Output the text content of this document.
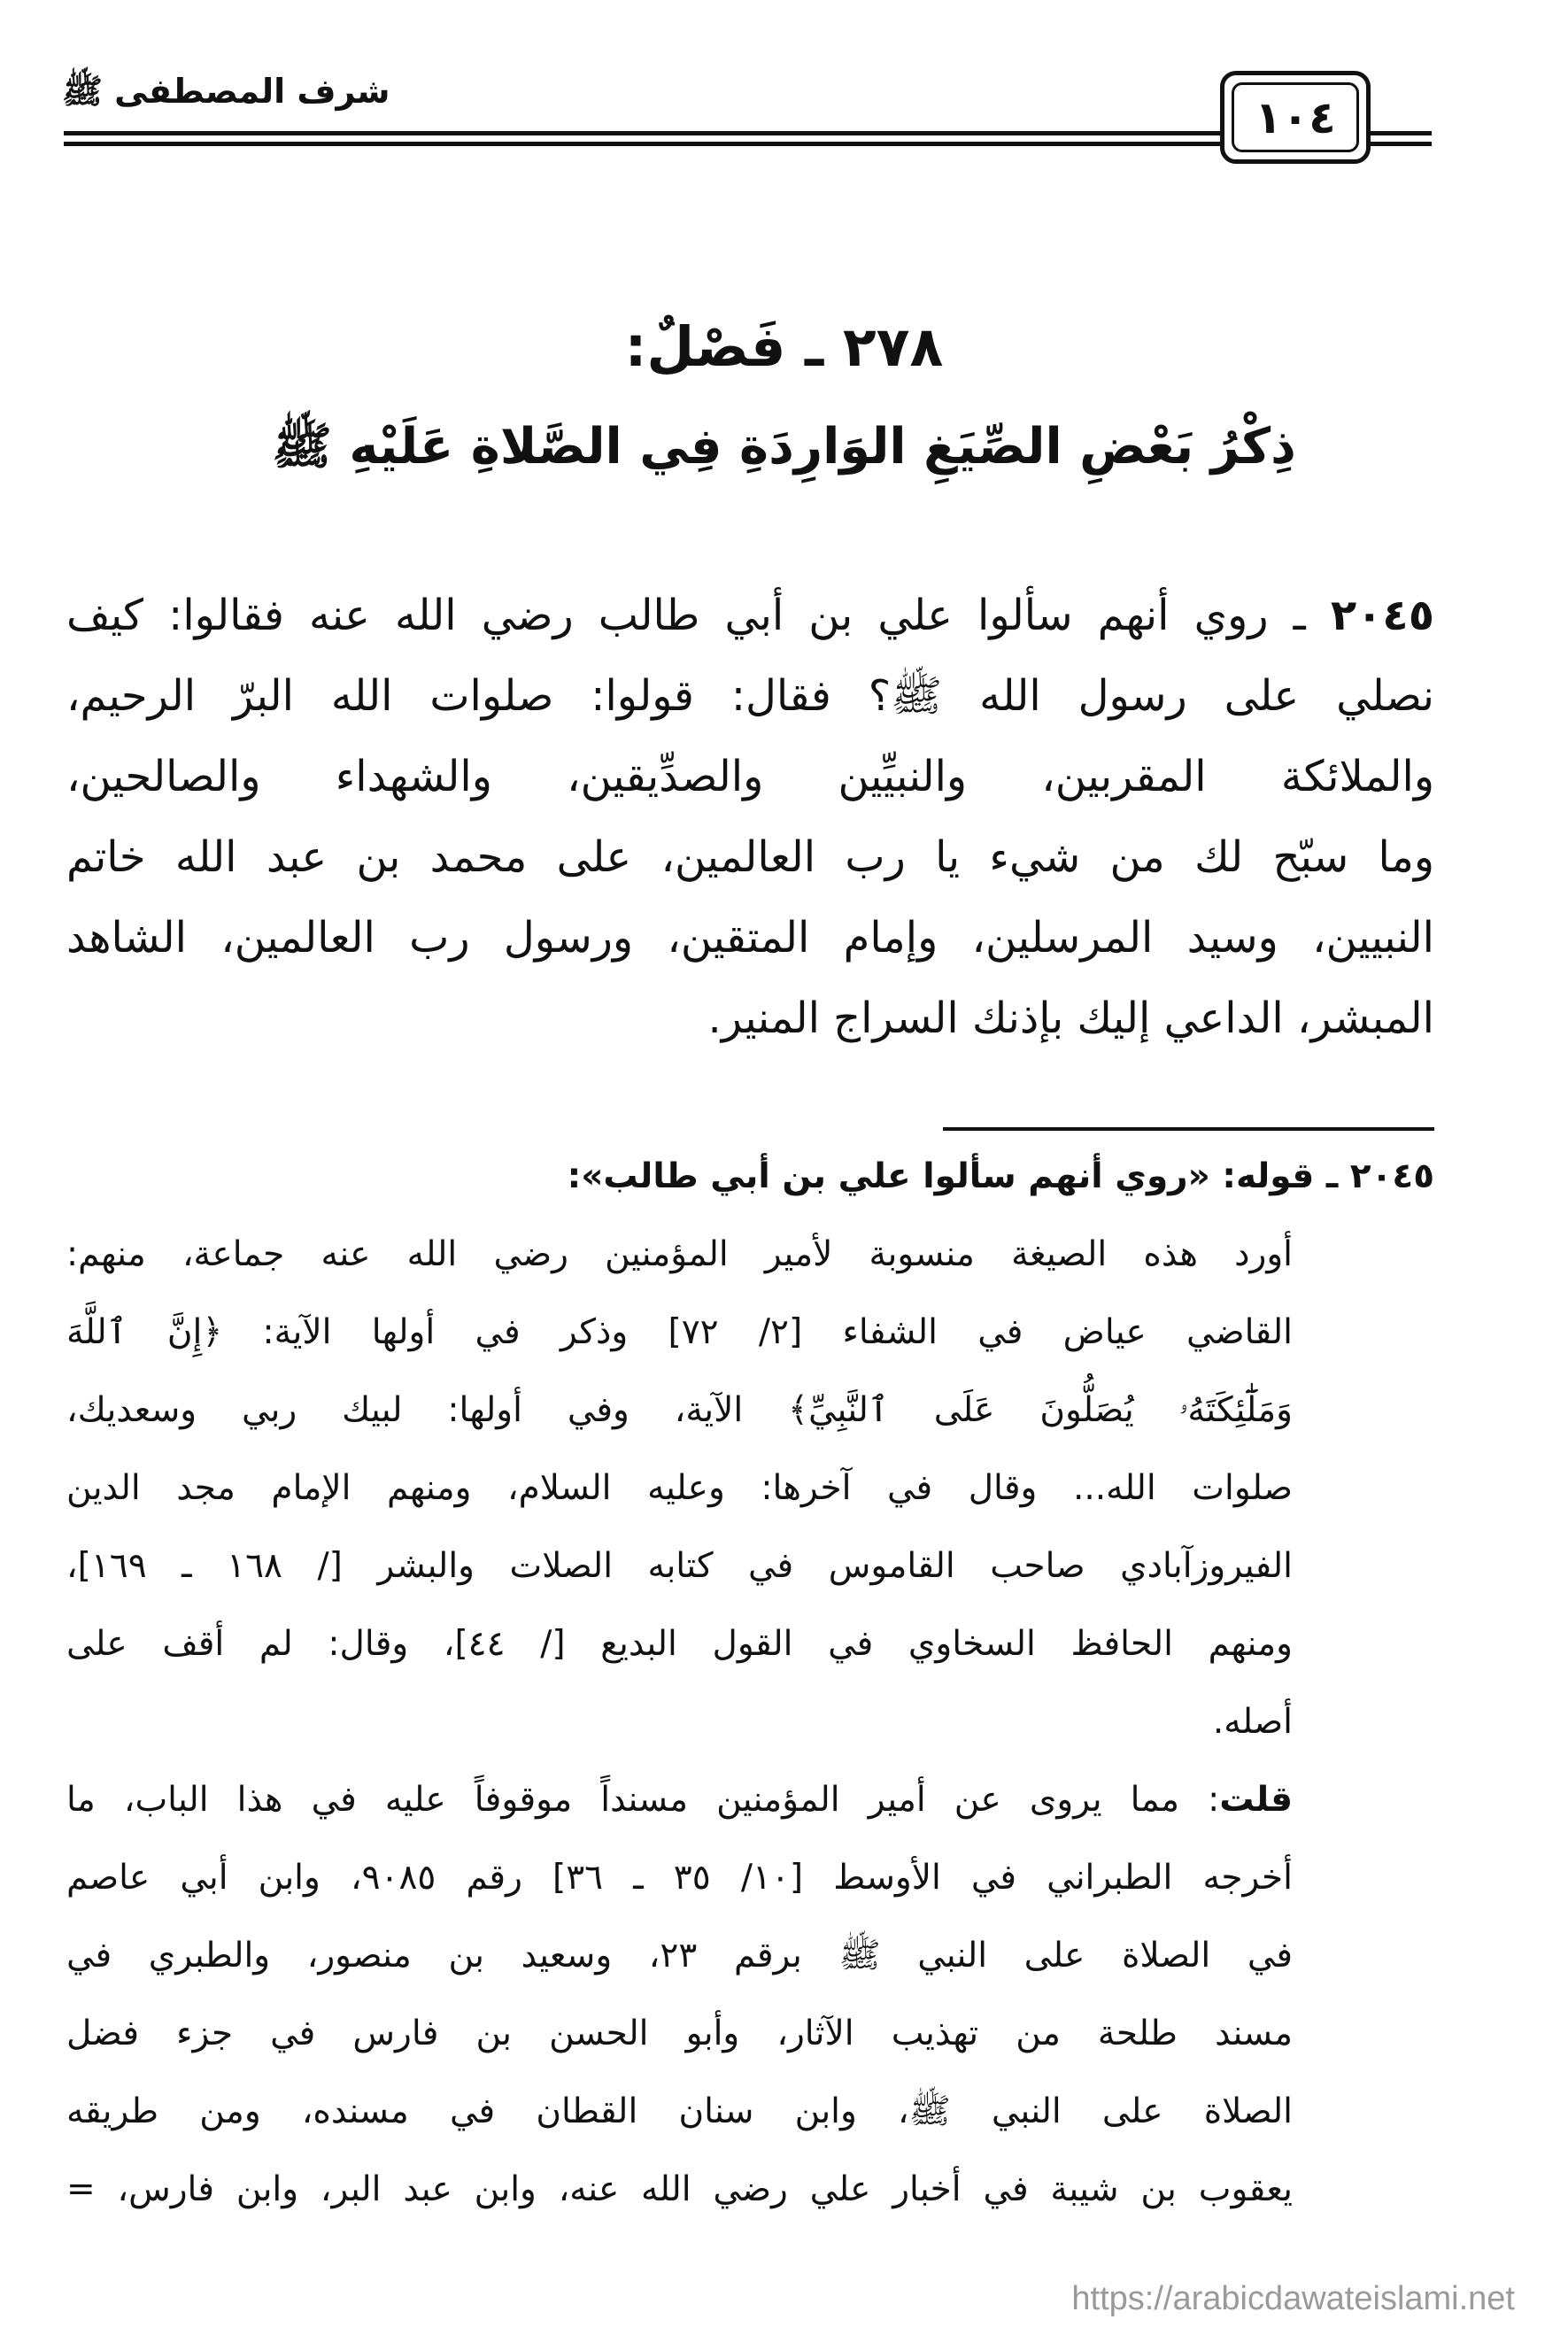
شرف المصطفى ﷺ
١٠٤
٢٧٨ ـ فَصْلٌ:
ذِكْرُ بَعْضِ الصِّيَغِ الوَارِدَةِ فِي الصَّلاةِ عَلَيْهِ ﷺ
٢٠٤٥ ـ روي أنهم سألوا علي بن أبي طالب رضي الله عنه فقالوا: كيف
نصلي على رسول الله ﷺ؟ فقال: قولوا: صلوات الله البرّ الرحيم،
والملائكة المقربين، والنبيِّين والصدِّيقين، والشهداء والصالحين،
وما سبّح لك من شيء يا رب العالمين، على محمد بن عبد الله خاتم
النبيين، وسيد المرسلين، وإمام المتقين، ورسول رب العالمين، الشاهد
المبشر، الداعي إليك بإذنك السراج المنير.
٢٠٤٥ ـ قوله: «روي أنهم سألوا علي بن أبي طالب»:
أورد هذه الصيغة منسوبة لأمير المؤمنين رضي الله عنه جماعة، منهم:
القاضي عياض في الشفاء [٢/ ٧٢] وذكر في أولها الآية: ﴿إِنَّ ٱللَّهَ
وَمَلَٰٓئِكَتَهُۥ يُصَلُّونَ عَلَى ٱلنَّبِيِّ﴾ الآية، وفي أولها: لبيك ربي وسعديك،
صلوات الله... وقال في آخرها: وعليه السلام، ومنهم الإمام مجد الدين
الفيروزآبادي صاحب القاموس في كتابه الصلات والبشر [/ ١٦٨ ـ ١٦٩]،
ومنهم الحافظ السخاوي في القول البديع [/ ٤٤]، وقال: لم أقف على
أصله.
قلت: مما يروى عن أمير المؤمنين مسنداً موقوفاً عليه في هذا الباب، ما
أخرجه الطبراني في الأوسط [١٠/ ٣٥ ـ ٣٦] رقم ٩٠٨٥، وابن أبي عاصم
في الصلاة على النبي ﷺ برقم ٢٣، وسعيد بن منصور، والطبري في
مسند طلحة من تهذيب الآثار، وأبو الحسن بن فارس في جزء فضل
الصلاة على النبي ﷺ، وابن سنان القطان في مسنده، ومن طريقه
يعقوب بن شيبة في أخبار علي رضي الله عنه، وابن عبد البر، وابن فارس، =
https://arabicdawateislami.net
